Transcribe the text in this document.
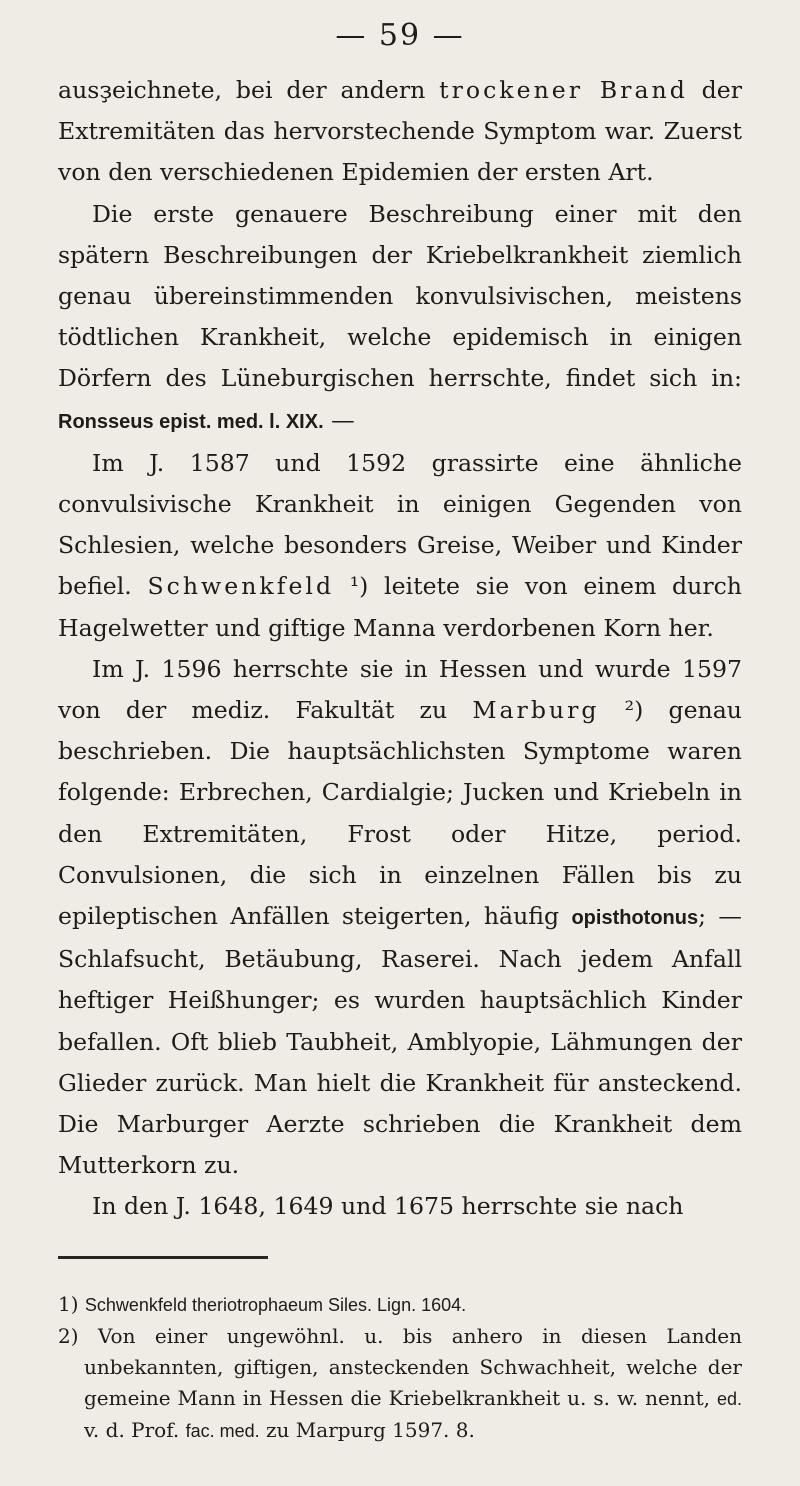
— 59 —

ausҙeichnete, bei der andern trockener Brand der Extremitäten das hervorstechende Symptom war. Zuerst von den verschiedenen Epidemien der ersten Art.

Die erste genauere Beschreibung einer mit den spätern Beschreibungen der Kriebelkrankheit ziemlich genau übereinstimmenden konvulsivischen, meistens tödtlichen Krankheit, welche epidemisch in einigen Dörfern des Lüneburgischen herrschte, findet sich in: Ronsseus epist. med. l. XIX. —

Im J. 1587 und 1592 grassirte eine ähnliche convulsivische Krankheit in einigen Gegenden von Schlesien, welche besonders Greise, Weiber und Kinder befiel. Schwenkfeld ¹) leitete sie von einem durch Hagelwetter und giftige Manna verdorbenen Korn her.

Im J. 1596 herrschte sie in Hessen und wurde 1597 von der mediz. Fakultät zu Marburg ²) genau beschrieben. Die hauptsächlichsten Symptome waren folgende: Erbrechen, Cardialgie; Jucken und Kriebeln in den Extremitäten, Frost oder Hitze, period. Convulsionen, die sich in einzelnen Fällen bis zu epileptischen Anfällen steigerten, häufig opisthotonus; — Schlafsucht, Betäubung, Raserei. Nach jedem Anfall heftiger Heißhunger; es wurden hauptsächlich Kinder befallen. Oft blieb Taubheit, Amblyopie, Lähmungen der Glieder zurück. Man hielt die Krankheit für ansteckend. Die Marburger Aerzte schrieben die Krankheit dem Mutterkorn zu.

In den J. 1648, 1649 und 1675 herrschte sie nach

1) Schwenkfeld theriotrophaeum Siles. Lign. 1604.

2) Von einer ungewöhnl. u. bis anhero in diesen Landen unbekannten, giftigen, ansteckenden Schwachheit, welche der gemeine Mann in Hessen die Kriebelkrankheit u. s. w. nennt, ed. v. d. Prof. fac. med. zu Marpurg 1597. 8.
